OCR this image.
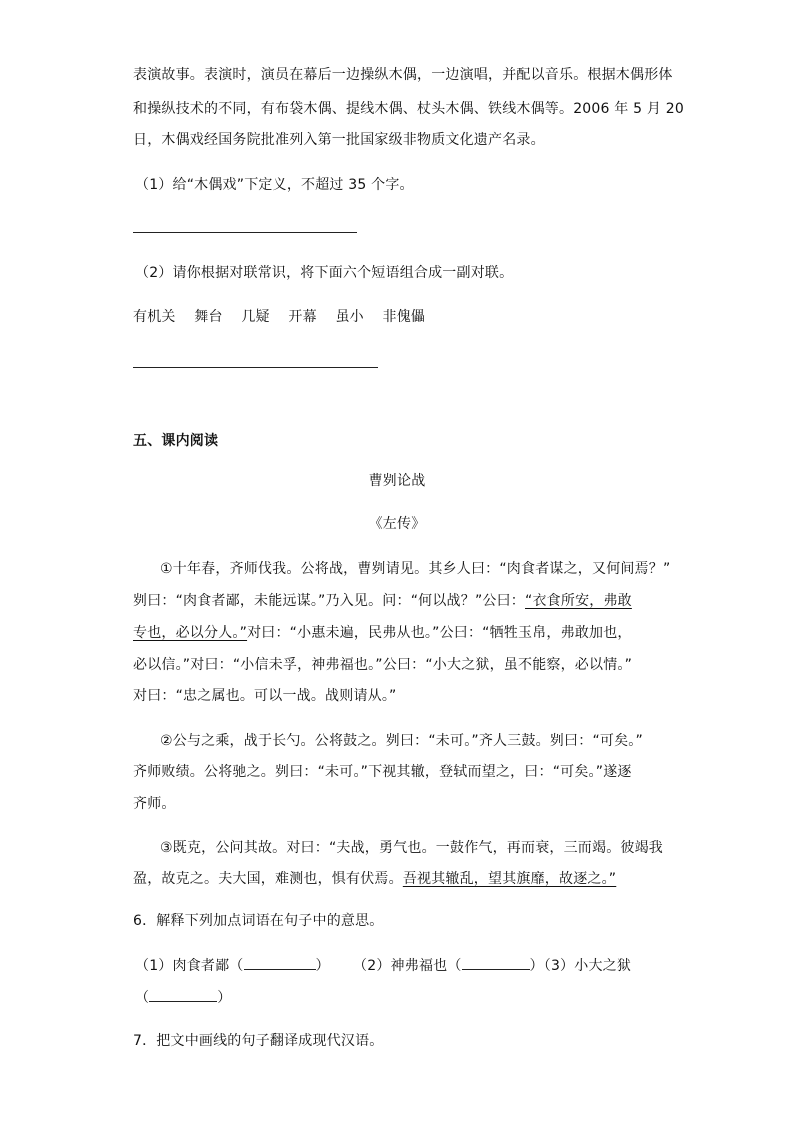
表演故事。表演时，演员在幕后一边操纵木偶，一边演唱，并配以音乐。根据木偶形体
和操纵技术的不同，有布袋木偶、提线木偶、杖头木偶、铁线木偶等。2006 年 5 月 20
日，木偶戏经国务院批准列入第一批国家级非物质文化遗产名录。
（1）给“木偶戏”下定义，不超过 35 个字。
（2）请你根据对联常识，将下面六个短语组合成一副对联。
有机关 舞台 几疑 开幕 虽小 非傀儡
五、课内阅读
曹刿论战
《左传》
①十年春，齐师伐我。公将战，曹刿请见。其乡人曰：“肉食者谋之，又何间焉？”
刿曰：“肉食者鄙，未能远谋。”乃入见。问：“何以战？”公曰：“衣食所安，弗敢
专也，必以分人。”对曰：“小惠未遍，民弗从也。”公曰：“牺牲玉帛，弗敢加也，
必以信。”对曰：“小信未孚，神弗福也。”公曰：“小大之狱，虽不能察，必以情。”
对曰：“忠之属也。可以一战。战则请从。”
②公与之乘，战于长勺。公将鼓之。刿曰：“未可。”齐人三鼓。刿曰：“可矣。”
齐师败绩。公将驰之。刿曰：“未可。”下视其辙，登轼而望之，曰：“可矣。”遂逐
齐师。
③既克，公问其故。对曰：“夫战，勇气也。一鼓作气，再而衰，三而竭。彼竭我
盈，故克之。夫大国，难测也，惧有伏焉。吾视其辙乱，望其旗靡，故逐之。”
6．解释下列加点词语在句子中的意思。
（1）肉食者鄙（	） （2）神弗福也（	）（3）小大之狱
（	）
7．把文中画线的句子翻译成现代汉语。
